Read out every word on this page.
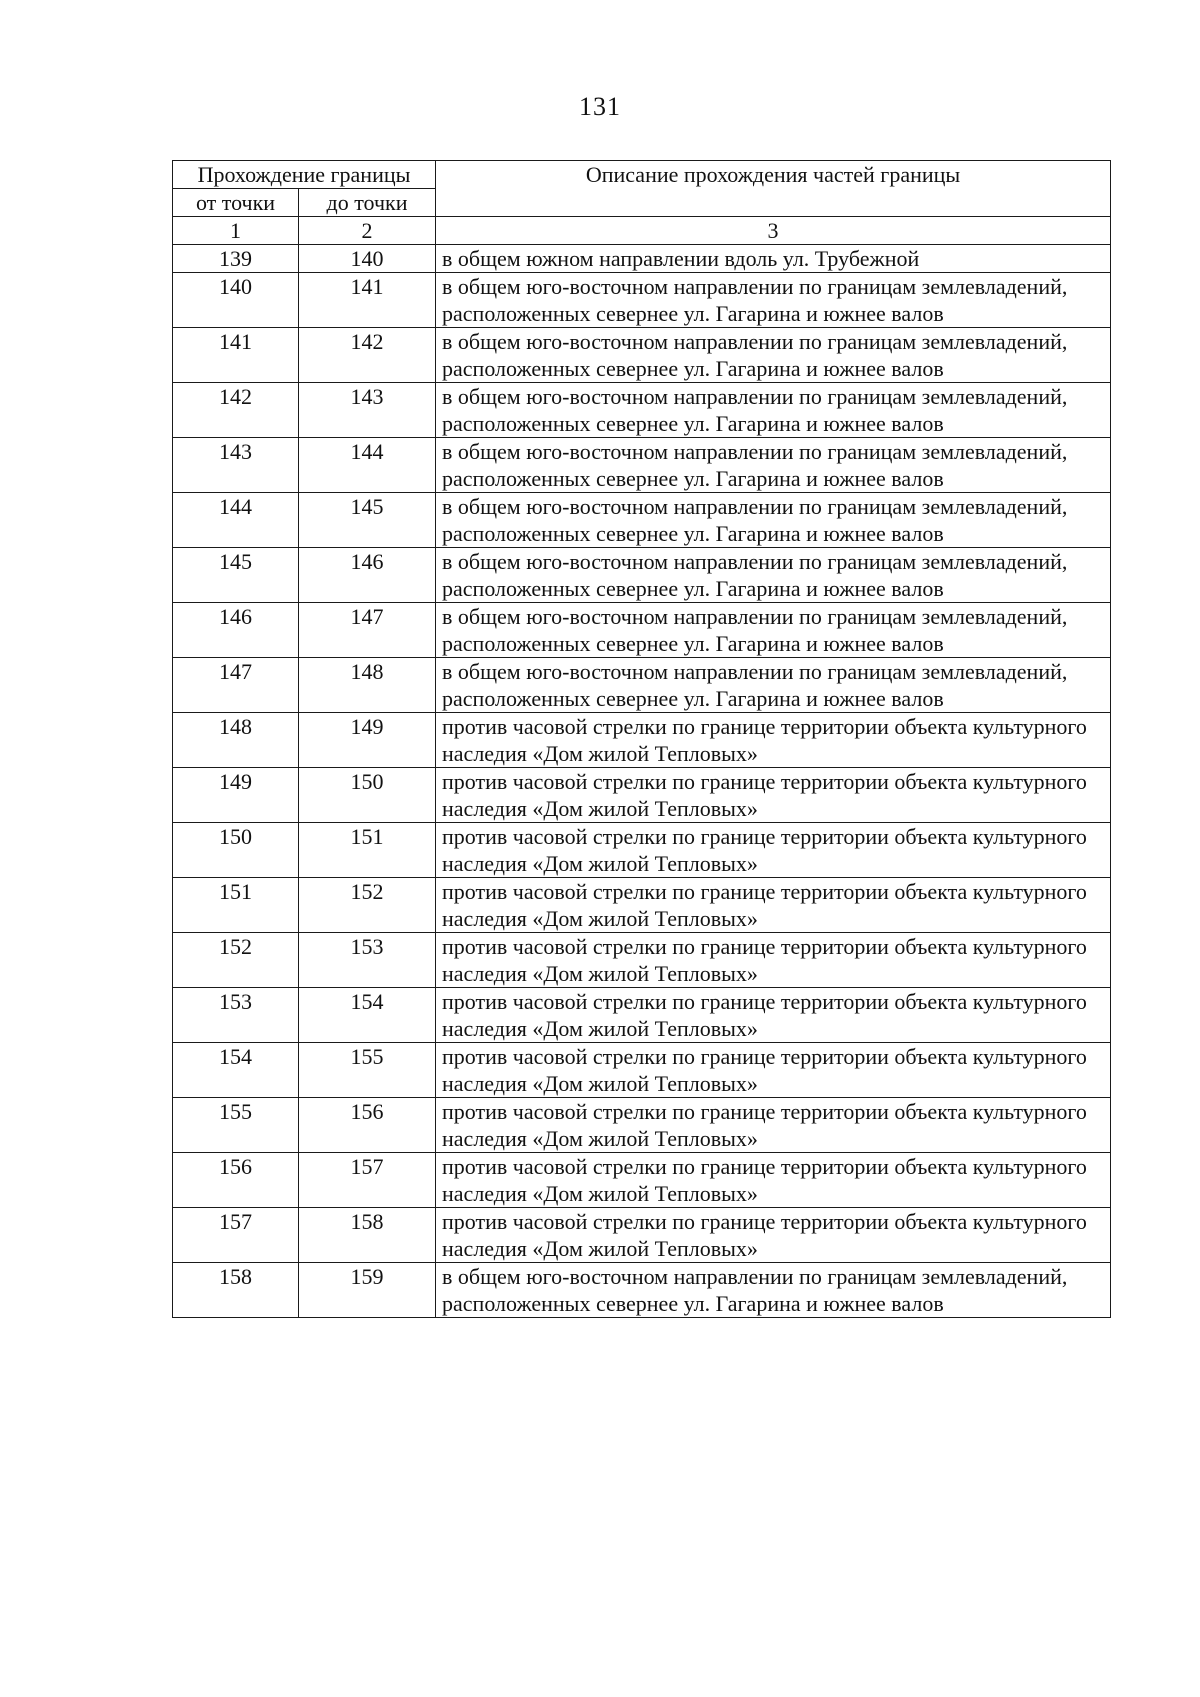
131
Прохождение границы		Описание прохождения частей границы
от точки	до точки	
1	2	3
139	140	в общем южном направлении вдоль ул. Трубежной
140	141	в общем юго-восточном направлении по границам землевладений, расположенных севернее ул. Гагарина и южнее валов
141	142	в общем юго-восточном направлении по границам землевладений, расположенных севернее ул. Гагарина и южнее валов
142	143	в общем юго-восточном направлении по границам землевладений, расположенных севернее ул. Гагарина и южнее валов
143	144	в общем юго-восточном направлении по границам землевладений, расположенных севернее ул. Гагарина и южнее валов
144	145	в общем юго-восточном направлении по границам землевладений, расположенных севернее ул. Гагарина и южнее валов
145	146	в общем юго-восточном направлении по границам землевладений, расположенных севернее ул. Гагарина и южнее валов
146	147	в общем юго-восточном направлении по границам землевладений, расположенных севернее ул. Гагарина и южнее валов
147	148	в общем юго-восточном направлении по границам землевладений, расположенных севернее ул. Гагарина и южнее валов
148	149	против часовой стрелки по границе территории объекта культурного наследия «Дом жилой Тепловых»
149	150	против часовой стрелки по границе территории объекта культурного наследия «Дом жилой Тепловых»
150	151	против часовой стрелки по границе территории объекта культурного наследия «Дом жилой Тепловых»
151	152	против часовой стрелки по границе территории объекта культурного наследия «Дом жилой Тепловых»
152	153	против часовой стрелки по границе территории объекта культурного наследия «Дом жилой Тепловых»
153	154	против часовой стрелки по границе территории объекта культурного наследия «Дом жилой Тепловых»
154	155	против часовой стрелки по границе территории объекта культурного наследия «Дом жилой Тепловых»
155	156	против часовой стрелки по границе территории объекта культурного наследия «Дом жилой Тепловых»
156	157	против часовой стрелки по границе территории объекта культурного наследия «Дом жилой Тепловых»
157	158	против часовой стрелки по границе территории объекта культурного наследия «Дом жилой Тепловых»
158	159	в общем юго-восточном направлении по границам землевладений, расположенных севернее ул. Гагарина и южнее валов
